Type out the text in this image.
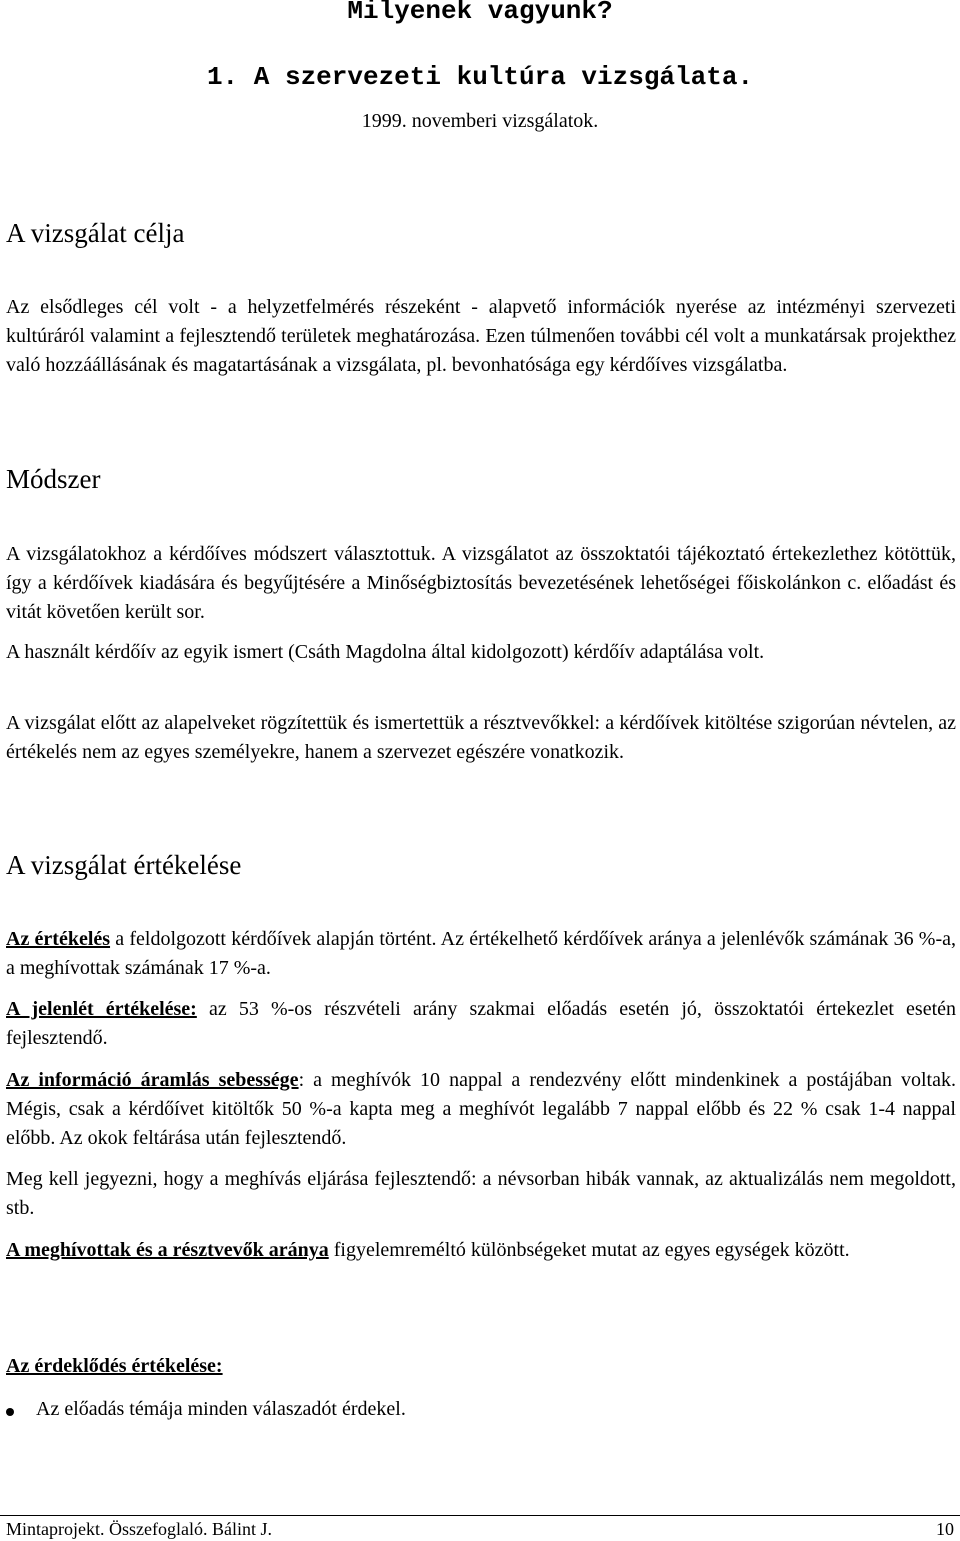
Milyenek vagyunk?
1. A szervezeti kultúra vizsgálata.
1999. novemberi vizsgálatok.
A vizsgálat célja

Az elsődleges cél volt - a helyzetfelmérés részeként - alapvető információk nyerése az intézményi szervezeti kultúráról valamint a fejlesztendő területek meghatározása. Ezen túlmenően további cél volt a munkatársak projekthez való hozzáállásának és magatartásának a vizsgálata, pl. bevonhatósága egy kérdőíves vizsgálatba.

Módszer

A vizsgálatokhoz a kérdőíves módszert választottuk. A vizsgálatot az összoktatói tájékoztató értekezlethez kötöttük, így a kérdőívek kiadására és begyűjtésére a Minőségbiztosítás bevezetésének lehetőségei főiskolánkon c. előadást és vitát követően került sor.

A használt kérdőív az egyik ismert (Csáth Magdolna által kidolgozott) kérdőív adaptálása volt.

A vizsgálat előtt az alapelveket rögzítettük és ismertettük a résztvevőkkel: a kérdőívek kitöltése szigorúan névtelen, az értékelés nem az egyes személyekre, hanem a szervezet egészére vonatkozik.

A vizsgálat értékelése

Az értékelés a feldolgozott kérdőívek alapján történt. Az értékelhető kérdőívek aránya a jelenlévők számának 36 %-a, a meghívottak számának 17 %-a.

A jelenlét értékelése: az 53 %-os részvételi arány szakmai előadás esetén jó, összoktatói értekezlet esetén fejlesztendő.

Az információ áramlás sebessége: a meghívók 10 nappal a rendezvény előtt mindenkinek a postájában voltak. Mégis, csak a kérdőívet kitöltők 50 %-a kapta meg a meghívót legalább 7 nappal előbb és 22 % csak 1-4 nappal előbb. Az okok feltárása után fejlesztendő.

Meg kell jegyezni, hogy a meghívás eljárása fejlesztendő: a névsorban hibák vannak, az aktualizálás nem megoldott, stb.

A meghívottak és a résztvevők aránya figyelemreméltó különbségeket mutat az egyes egységek között.

Az érdeklődés értékelése:
Az előadás témája minden válaszadót érdekel.
Mintaprojekt. Összefoglaló. Bálint J.	10
